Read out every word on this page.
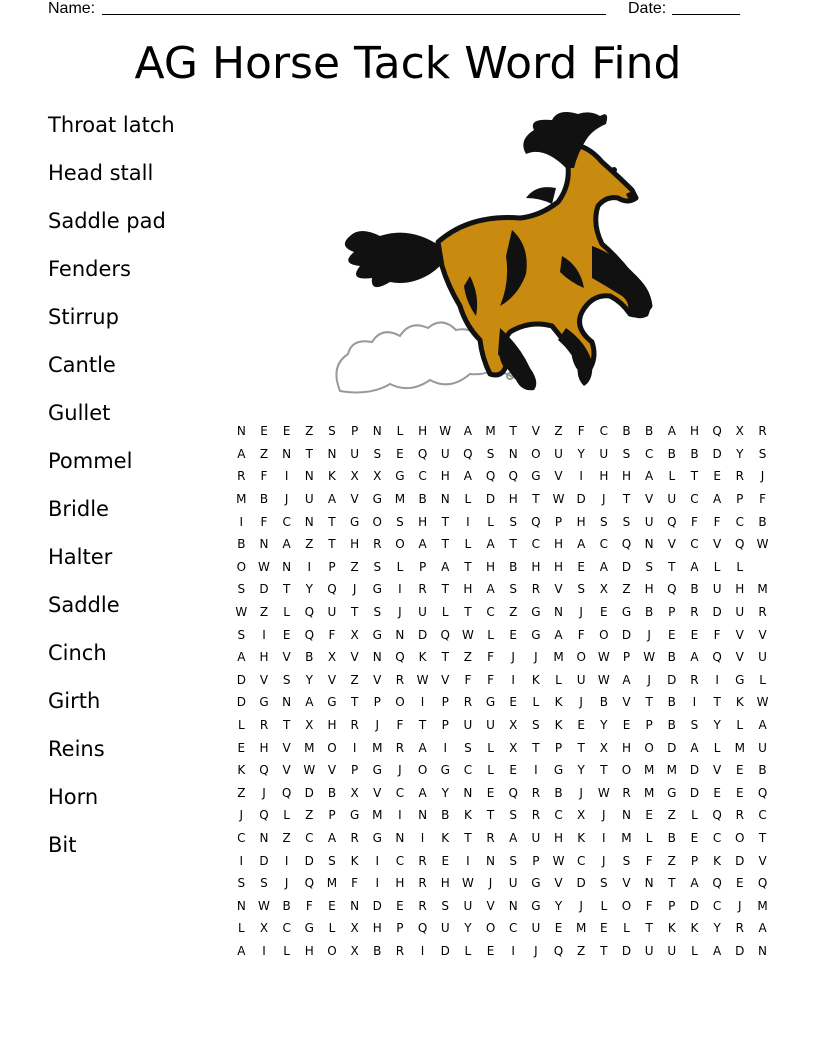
Name:	Date:
AG Horse Tack Word Find
Throat latch
Head stall
Saddle pad
Fenders
Stirrup
Cantle
Gullet
Pommel
Bridle
Halter
Saddle
Cinch
Girth
Reins
Horn
Bit
N	E	E	Z	S	P	N	L	H	W	A	M	T	V	Z	F	C	B	B	A	H	Q	X	R
A	Z	N	T	N	U	S	E	Q	U	Q	S	N	O	U	Y	U	S	C	B	B	D	Y	S
R	F	I	N	K	X	X	G	C	H	A	Q	Q	G	V	I	H	H	A	L	T	E	R	J
M	B	J	U	A	V	G	M	B	N	L	D	H	T	W	D	J	T	V	U	C	A	P	F
I	F	C	N	T	G	O	S	H	T	I	L	S	Q	P	H	S	S	U	Q	F	F	C	B
B	N	A	Z	T	H	R	O	A	T	L	A	T	C	H	A	C	Q	N	V	C	V	Q	W
O	W	N	I	P	Z	S	L	P	A	T	H	B	H	H	E	A	D	S	T	A	L	L	
S	D	T	Y	Q	J	G	I	R	T	H	A	S	R	V	S	X	Z	H	Q	B	U	H	M
W	Z	L	Q	U	T	S	J	U	L	T	C	Z	G	N	J	E	G	B	P	R	D	U	R
S	I	E	Q	F	X	G	N	D	Q	W	L	E	G	A	F	O	D	J	E	E	F	V	V
A	H	V	B	X	V	N	Q	K	T	Z	F	J	J	M	O	W	P	W	B	A	Q	V	U
D	V	S	Y	V	Z	V	R	W	V	F	F	I	K	L	U	W	A	J	D	R	I	G	L
D	G	N	A	G	T	P	O	I	P	R	G	E	L	K	J	B	V	T	B	I	T	K	W
L	R	T	X	H	R	J	F	T	P	U	U	X	S	K	E	Y	E	P	B	S	Y	L	A
E	H	V	M	O	I	M	R	A	I	S	L	X	T	P	T	X	H	O	D	A	L	M	U
K	Q	V	W	V	P	G	J	O	G	C	L	E	I	G	Y	T	O	M	M	D	V	E	B
Z	J	Q	D	B	X	V	C	A	Y	N	E	Q	R	B	J	W	R	M	G	D	E	E	Q
J	Q	L	Z	P	G	M	I	N	B	K	T	S	R	C	X	J	N	E	Z	L	Q	R	C
C	N	Z	C	A	R	G	N	I	K	T	R	A	U	H	K	I	M	L	B	E	C	O	T
I	D	I	D	S	K	I	C	R	E	I	N	S	P	W	C	J	S	F	Z	P	K	D	V
S	S	J	Q	M	F	I	H	R	H	W	J	U	G	V	D	S	V	N	T	A	Q	E	Q
N	W	B	F	E	N	D	E	R	S	U	V	N	G	Y	J	L	O	F	P	D	C	J	M
L	X	C	G	L	X	H	P	Q	U	Y	O	C	U	E	M	E	L	T	K	K	Y	R	A
A	I	L	H	O	X	B	R	I	D	L	E	I	J	Q	Z	T	D	U	U	L	A	D	N
